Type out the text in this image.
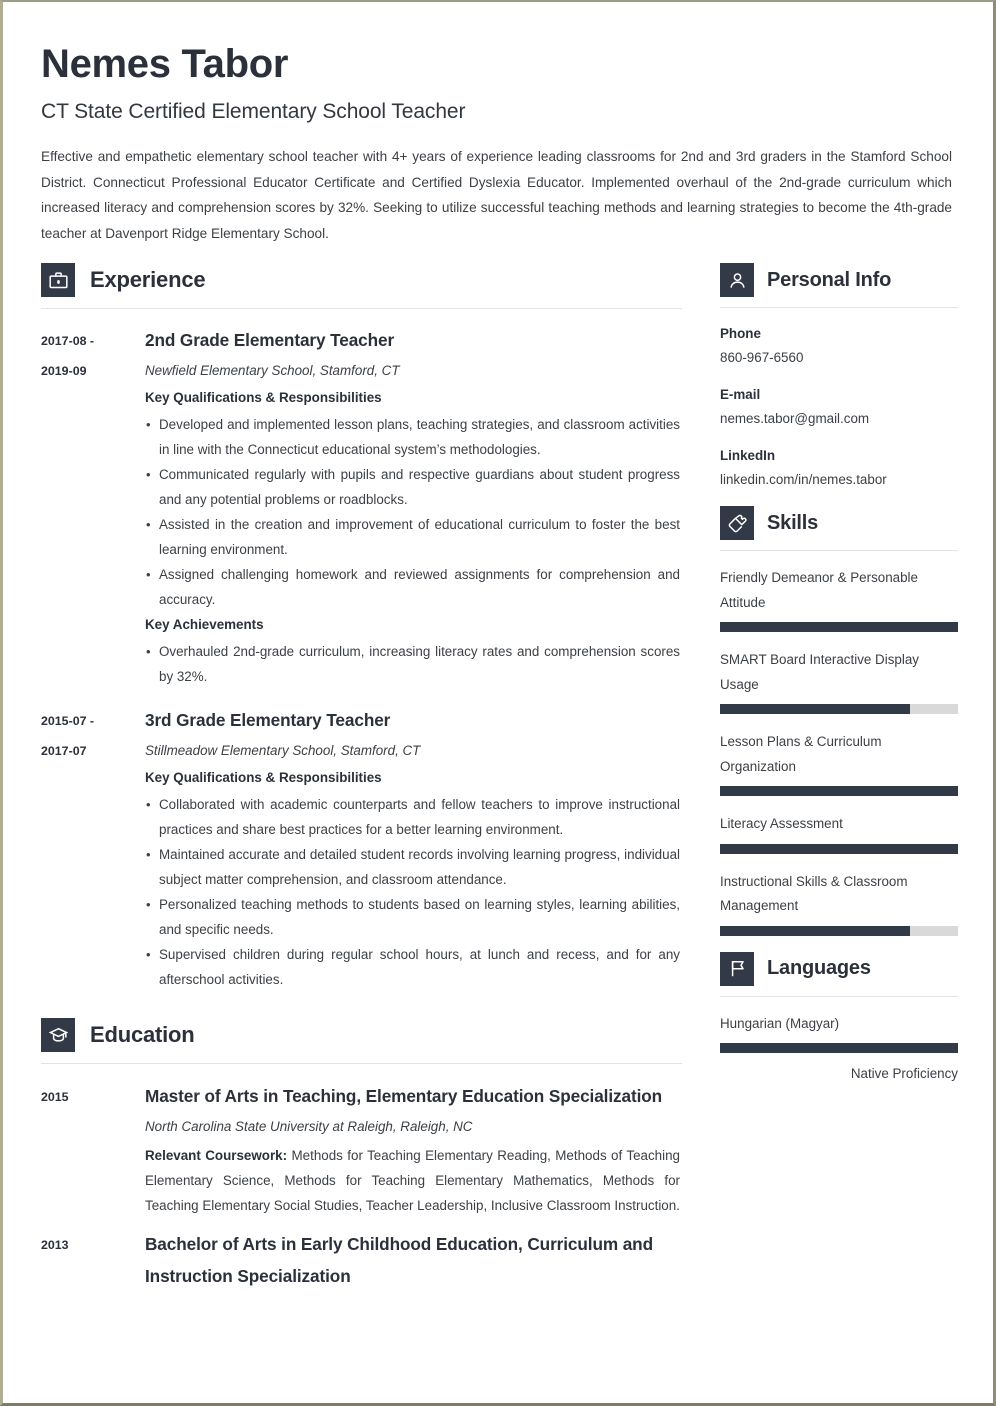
Nemes Tabor
CT State Certified Elementary School Teacher

Effective and empathetic elementary school teacher with 4+ years of experience leading classrooms for 2nd and 3rd graders in the Stamford School District. Connecticut Professional Educator Certificate and Certified Dyslexia Educator. Implemented overhaul of the 2nd-grade curriculum which increased literacy and comprehension scores by 32%. Seeking to utilize successful teaching methods and learning strategies to become the 4th-grade teacher at Davenport Ridge Elementary School.

Experience
2017-08 -
2019-09
2nd Grade Elementary Teacher
Newfield Elementary School, Stamford, CT
Key Qualifications & Responsibilities
• Developed and implemented lesson plans, teaching strategies, and classroom activities in line with the Connecticut educational system’s methodologies.
• Communicated regularly with pupils and respective guardians about student progress and any potential problems or roadblocks.
• Assisted in the creation and improvement of educational curriculum to foster the best learning environment.
• Assigned challenging homework and reviewed assignments for comprehension and accuracy.
Key Achievements
• Overhauled 2nd-grade curriculum, increasing literacy rates and comprehension scores by 32%.
2015-07 -
2017-07
3rd Grade Elementary Teacher
Stillmeadow Elementary School, Stamford, CT
Key Qualifications & Responsibilities
• Collaborated with academic counterparts and fellow teachers to improve instructional practices and share best practices for a better learning environment.
• Maintained accurate and detailed student records involving learning progress, individual subject matter comprehension, and classroom attendance.
• Personalized teaching methods to students based on learning styles, learning abilities, and specific needs.
• Supervised children during regular school hours, at lunch and recess, and for any afterschool activities.
Education
2015	Master of Arts in Teaching, Elementary Education Specialization
North Carolina State University at Raleigh, Raleigh, NC
Relevant Coursework: Methods for Teaching Elementary Reading, Methods of Teaching Elementary Science, Methods for Teaching Elementary Mathematics, Methods for Teaching Elementary Social Studies, Teacher Leadership, Inclusive Classroom Instruction.
2013	Bachelor of Arts in Early Childhood Education, Curriculum and Instruction Specialization
Personal Info
Phone
860-967-6560
E-mail
nemes.tabor@gmail.com
LinkedIn
linkedin.com/in/nemes.tabor
Skills
Friendly Demeanor & Personable Attitude
SMART Board Interactive Display Usage
Lesson Plans & Curriculum Organization
Literacy Assessment
Instructional Skills & Classroom Management
Languages
Hungarian (Magyar)
Native Proficiency
